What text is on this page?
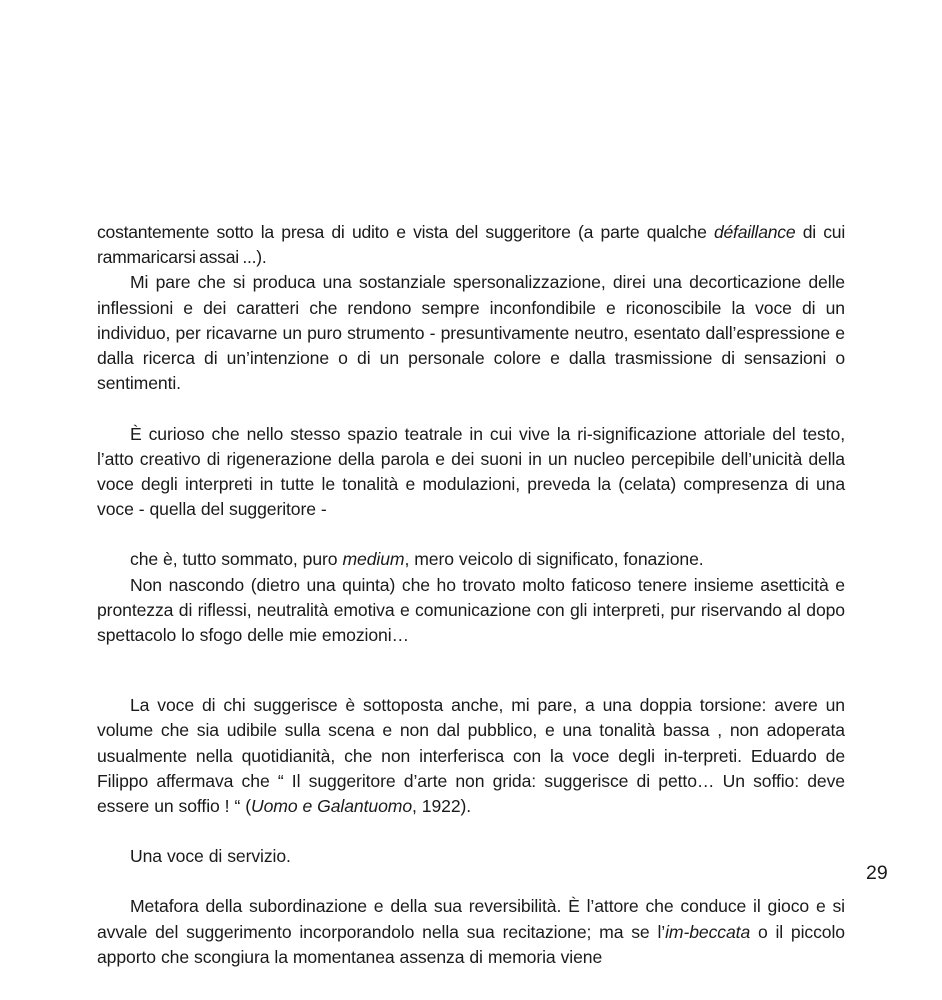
costantemente sotto la presa di udito e vista del suggeritore (a parte qualche défaillance di cui rammaricarsi assai ...).

Mi pare che si produca una sostanziale spersonalizzazione, direi una decorticazione delle inflessioni e dei caratteri che rendono sempre inconfondibile e riconoscibile la voce di un individuo, per ricavarne un puro strumento - presuntivamente neutro, esentato dall’espressione e dalla ricerca di un’intenzione o di un personale colore e dalla trasmissione di sensazioni o sentimenti.

È curioso che nello stesso spazio teatrale in cui vive la ri-significazione attoriale del testo, l’atto creativo di rigenerazione della parola e dei suoni in un nucleo percepibile dell’unicità della voce degli interpreti in tutte le tonalità e modulazioni, preveda la (celata) compresenza di una voce - quella del suggeritore -

che è, tutto sommato, puro medium, mero veicolo di significato, fonazione.

Non nascondo (dietro una quinta) che ho trovato molto faticoso tenere insieme asetticità e prontezza di riflessi, neutralità emotiva e comunicazione con gli interpreti, pur riservando al dopo spettacolo lo sfogo delle mie emozioni…

La voce di chi suggerisce è sottoposta anche, mi pare, a una doppia torsione: avere un volume che sia udibile sulla scena e non dal pubblico, e una tonalità bassa , non adoperata usualmente nella quotidianità, che non interferisca con la voce degli in-terpreti. Eduardo de Filippo affermava che “ Il suggeritore d’arte non grida: suggerisce di petto… Un soffio: deve essere un soffio ! “ (Uomo e Galantuomo, 1922).

Una voce di servizio.

Metafora della subordinazione e della sua reversibilità. È l’attore che conduce il gioco e si avvale del suggerimento incorporandolo nella sua recitazione; ma se l’im-beccata o il piccolo apporto che scongiura la momentanea assenza di memoria viene

29
